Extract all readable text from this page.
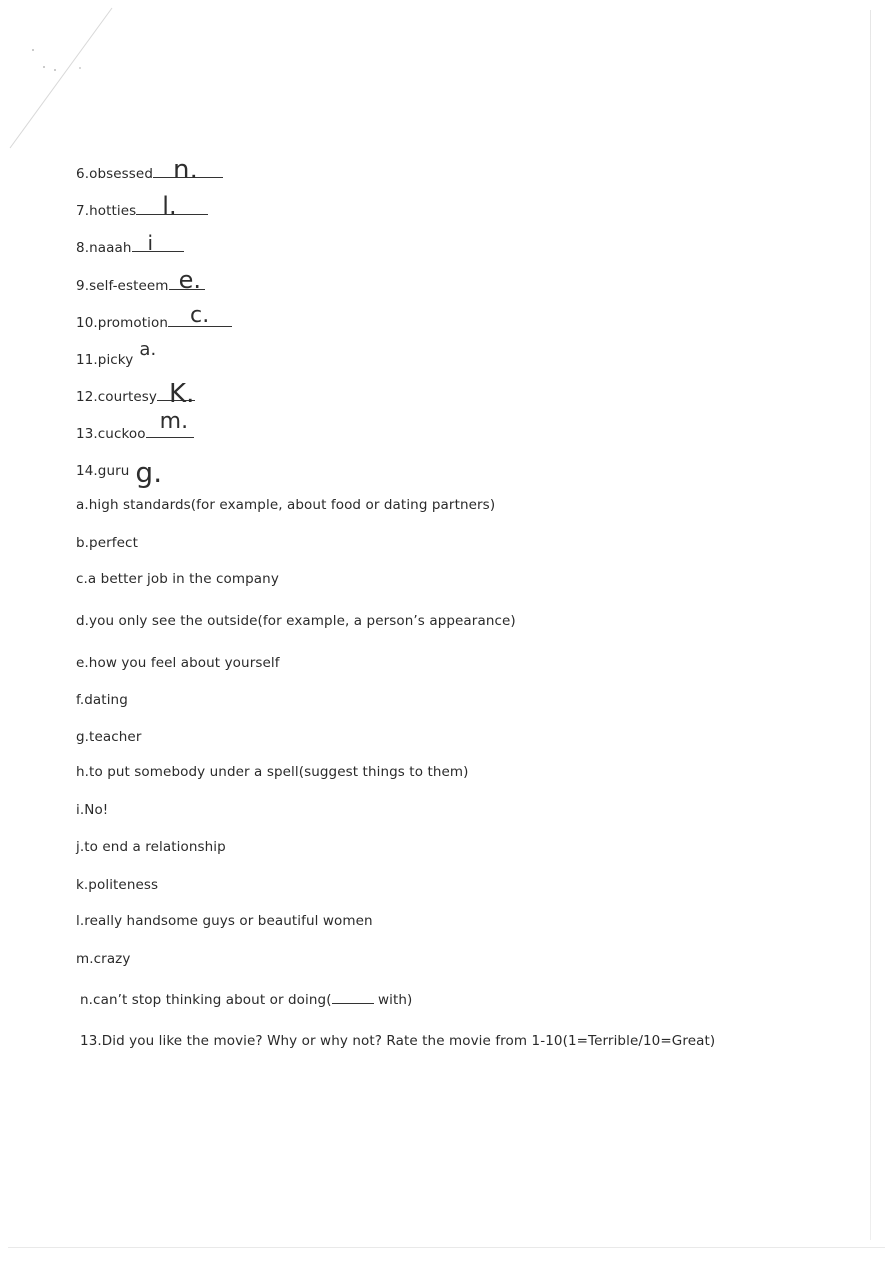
6.obsessed n.
7.hotties l.
8.naaah i
9.self-esteem e.
10.promotion c.
11.picky a.
12.courtesy K.
13.cuckoo m.
14.guru g.
a.high standards(for example, about food or dating partners)
b.perfect
c.a better job in the company
d.you only see the outside(for example, a person’s appearance)
e.how you feel about yourself
f.dating
g.teacher
h.to put somebody under a spell(suggest things to them)
i.No!
j.to end a relationship
k.politeness
l.really handsome guys or beautiful women
m.crazy
n.can’t stop thinking about or doing(	with)
13.Did you like the movie? Why or why not? Rate the movie from 1-10(1=Terrible/10=Great)
